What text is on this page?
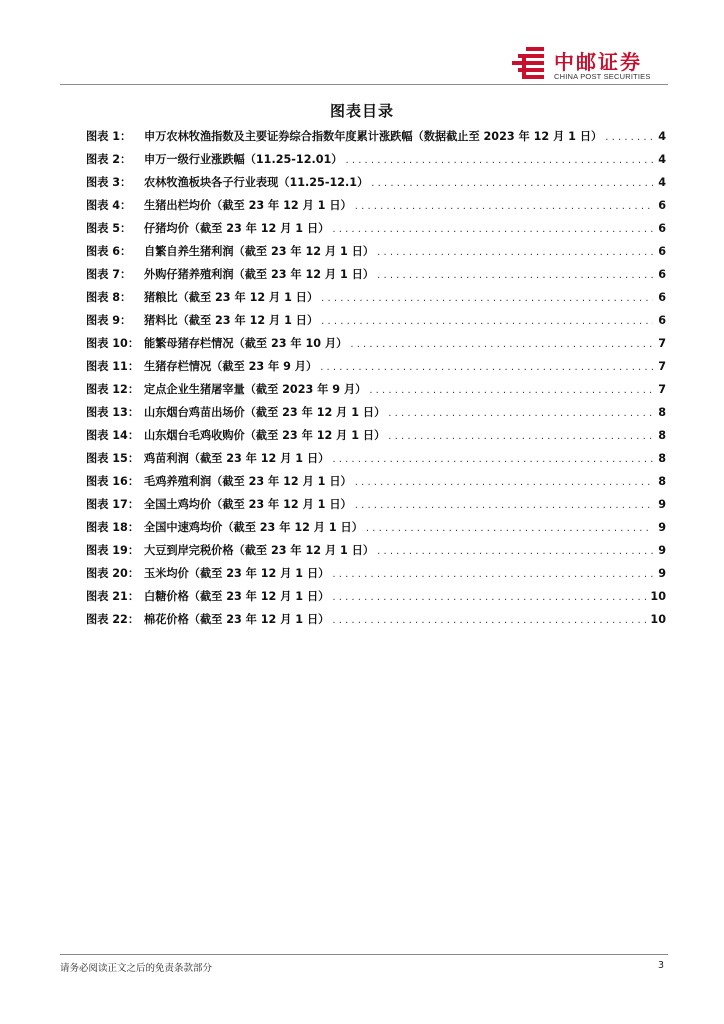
中邮证券
CHINA POST SECURITIES
图表目录
图表 1：	申万农林牧渔指数及主要证券综合指数年度累计涨跌幅（数据截止至 2023 年 12 月 1 日） . . .	4
图表 2：	申万一级行业涨跌幅（11.25-12.01） . . .	4
图表 3：	农林牧渔板块各子行业表现（11.25-12.1） . . .	4
图表 4：	生猪出栏均价（截至 23 年 12 月 1 日） . . .	6
图表 5：	仔猪均价（截至 23 年 12 月 1 日） . . .	6
图表 6：	自繁自养生猪利润（截至 23 年 12 月 1 日） . . .	6
图表 7：	外购仔猪养殖利润（截至 23 年 12 月 1 日） . . .	6
图表 8：	猪粮比（截至 23 年 12 月 1 日） . . .	6
图表 9：	猪料比（截至 23 年 12 月 1 日） . . .	6
图表 10： 能繁母猪存栏情况（截至 23 年 10 月） . . .	7
图表 11： 生猪存栏情况（截至 23 年 9 月） . . .	7
图表 12： 定点企业生猪屠宰量（截至 2023 年 9 月） . . .	7
图表 13： 山东烟台鸡苗出场价（截至 23 年 12 月 1 日） . . .	8
图表 14： 山东烟台毛鸡收购价（截至 23 年 12 月 1 日） . . .	8
图表 15： 鸡苗利润（截至 23 年 12 月 1 日） . . .	8
图表 16： 毛鸡养殖利润（截至 23 年 12 月 1 日） . . .	8
图表 17： 全国土鸡均价（截至 23 年 12 月 1 日） . . .	9
图表 18： 全国中速鸡均价（截至 23 年 12 月 1 日） . . .	9
图表 19： 大豆到岸完税价格（截至 23 年 12 月 1 日） . . .	9
图表 20： 玉米均价（截至 23 年 12 月 1 日） . . .	9
图表 21： 白糖价格（截至 23 年 12 月 1 日） . . .	10
图表 22： 棉花价格（截至 23 年 12 月 1 日） . . .	10
请务必阅读正文之后的免责条款部分	3
